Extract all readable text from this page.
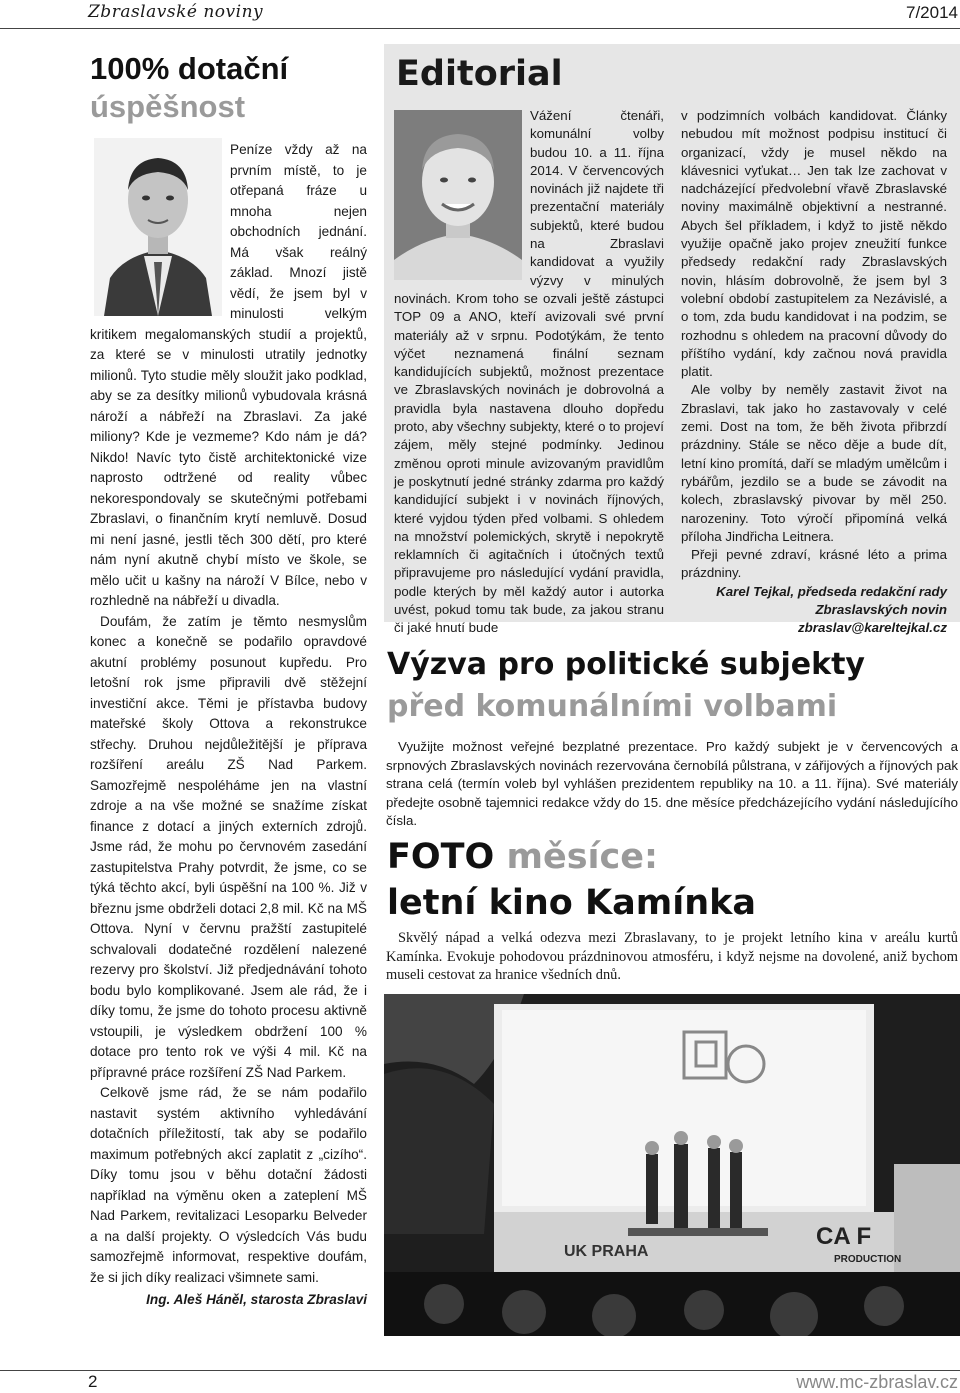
Zbraslavské noviny	7/2014
100% dotační
úspěšnost

Peníze vždy až na prvním místě, to je otřepaná fráze u mnoha nejen obchodních jednání. Má však reálný základ. Mnozí jistě vědí, že jsem byl v minulosti velkým kritikem megalomanských studií a projektů, za které se v minulosti utratily jednotky milionů. Tyto studie měly sloužit jako podklad, aby se za desítky milionů vybudovala krásná nároží a nábřeží na Zbraslavi. Za jaké miliony? Kde je vezmeme? Kdo nám je dá? Nikdo! Navíc tyto čistě architektonické vize naprosto odtržené od reality vůbec nekorespondovaly se skutečnými potřebami Zbraslavi, o finančním krytí nemluvě. Dosud mi není jasné, jestli těch 300 dětí, pro které nám nyní akutně chybí místo ve škole, se mělo učit u kašny na nároží V Bílce, nebo v rozhledně na nábřeží u divadla.

Doufám, že zatím je těmto nesmyslům konec a konečně se podařilo opravdové akutní problémy posunout kupředu. Pro letošní rok jsme připravili dvě stěžejní investiční akce. Těmi je přístavba budovy mateřské školy Ottova a rekonstrukce střechy. Druhou nejdůležitější je příprava rozšíření areálu ZŠ Nad Parkem. Samozřejmě nespoléháme jen na vlastní zdroje a na vše možné se snažíme získat finance z dotací a jiných externích zdrojů. Jsme rád, že mohu po červnovém zasedání zastupitelstva Prahy potvrdit, že jsme, co se týká těchto akcí, byli úspěšní na 100 %. Již v březnu jsme obdrželi dotaci 2,8 mil. Kč na MŠ Ottova. Nyní v červnu pražští zastupitelé schvalovali dodatečné rozdělení nalezené rezervy pro školství. Již předjednávání tohoto bodu bylo komplikované. Jsem ale rád, že i díky tomu, že jsme do tohoto procesu aktivně vstoupili, je výsledkem obdržení 100 % dotace pro tento rok ve výši 4 mil. Kč na přípravné práce rozšíření ZŠ Nad Parkem.

Celkově jsme rád, že se nám podařilo nastavit systém aktivního vyhledávání dotačních příležitostí, tak aby se podařilo maximum potřebných akcí zaplatit z „cizího“. Díky tomu jsou v běhu dotační žádosti například na výměnu oken a zateplení MŠ Nad Parkem, revitalizaci Lesoparku Belveder a na další projekty. O výsledcích Vás budu samozřejmě informovat, respektive doufám, že si jich díky realizaci všimnete sami.

Ing. Aleš Háněl, starosta Zbraslavi
Editorial

Vážení čtenáři, komunální volby budou 10. a 11. října 2014. V červencových novinách již najdete tři prezentační materiály subjektů, které budou na Zbraslavi kandidovat a využily výzvy v minulých novinách. Krom toho se ozvali ještě zástupci TOP 09 a ANO, kteří avizovali své první materiály až v srpnu. Podotýkám, že tento výčet neznamená finální seznam kandidujících subjektů, možnost prezentace ve Zbraslavských novinách je dobrovolná a pravidla byla nastavena dlouho dopředu proto, aby všechny subjekty, které o to projeví zájem, měly stejné podmínky. Jedinou změnou oproti minule avizovaným pravidlům je poskytnutí jedné stránky zdarma pro každý kandidující subjekt i v novinách říjnových, které vyjdou týden před volbami. S ohledem na množství polemických, skrytě i nepokrytě reklamních či agitačních i útočných textů připravujeme pro následující vydání pravidla, podle kterých by měl každý autor i autorka uvést, pokud tomu tak bude, za jakou stranu či jaké hnutí bude

v podzimních volbách kandidovat. Články nebudou mít možnost podpisu institucí či organizací, vždy je musel někdo na klávesnici vyťukat… Jen tak lze zachovat v nadcházející předvolební vřavě Zbraslavské noviny maximálně objektivní a nestranné. Abych šel příkladem, i když to jistě někdo využije opačně jako projev zneužití funkce předsedy redakční rady Zbraslavských novin, hlásím dobrovolně, že jsem byl 3 volební období zastupitelem za Nezávislé, a o tom, zda budu kandidovat i na podzim, se rozhodnu s ohledem na pracovní důvody do příštího vydání, kdy začnou nová pravidla platit.

Ale volby by neměly zastavit život na Zbraslavi, tak jako ho zastavovaly v celé zemi. Dost na tom, že běh života přibrzdí prázdniny. Stále se něco děje a bude dít, letní kino promítá, daří se mladým umělcům i rybářům, jezdilo se a bude se závodit na kolech, zbraslavský pivovar by měl 250. narozeniny. Toto výročí připomíná velká příloha Jindřicha Leitnera.

Přeji pevné zdraví, krásné léto a prima prázdniny.

Karel Tejkal, předseda redakční rady
Zbraslavských novin
zbraslav@kareltejkal.cz
Výzva pro politické subjekty
před komunálními volbami

Využijte možnost veřejné bezplatné prezentace. Pro každý subjekt je v červencových a srpnových Zbraslavských novinách rezervována černobílá půlstrana, v zářijových a říjnových pak strana celá (termín voleb byl vyhlášen prezidentem republiky na 10. a 11. října). Své materiály předejte osobně tajemnici redakce vždy do 15. dne měsíce předcházejícího vydání následujícího čísla.

FOTO měsíce:
letní kino Kamínka

Skvělý nápad a velká odezva mezi Zbraslavany, to je projekt letního kina v areálu kurtů Kamínka. Evokuje pohodovou prázdninovou atmosféru, i když nejsme na dovolené, aniž bychom museli cestovat za hranice všedních dnů.

UK PRAHA
CA F
PRODUCTION
2	www.mc-zbraslav.cz
